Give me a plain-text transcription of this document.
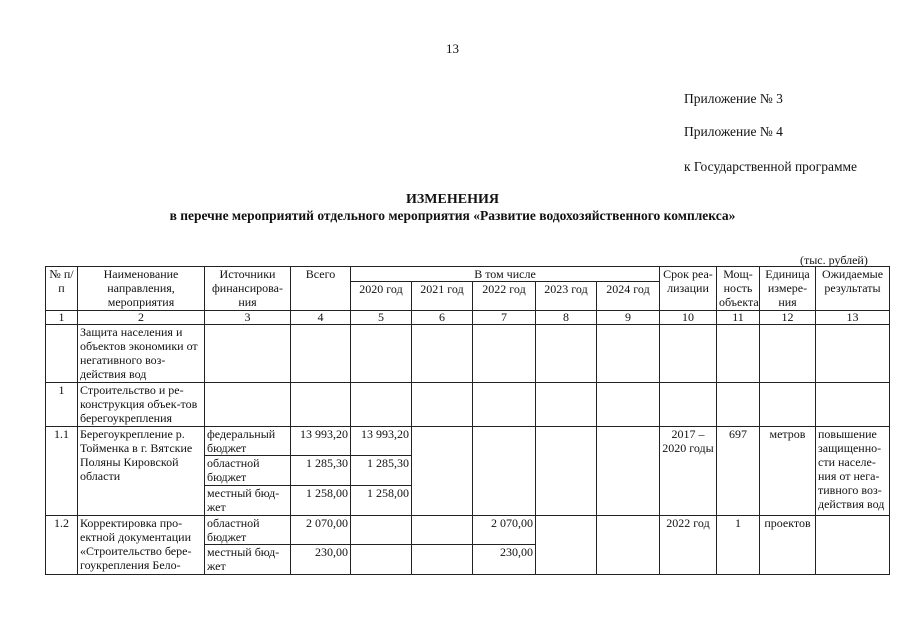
13
Приложение № 3
Приложение № 4
к Государственной программе
ИЗМЕНЕНИЯ
в перечне мероприятий отдельного мероприятия «Развитие водохозяйственного комплекса»
(тыс. рублей)
№ п/п	Наименование направления, мероприятия	Источники финансирова-ния	Всего	В том числе					Срок реа-лизации	Мощ-ность объекта	Единица измере-ния	Ожидаемые результаты
				2020 год	2021 год	2022 год	2023 год	2024 год				
1	2	3	4	5	6	7	8	9	10	11	12	13
	Защита населения и объектов экономики от негативного воз-действия вод											
1	Строительство и ре-конструкция объек-тов берегоукрепления											
1.1	Берегоукрепление р. Тойменка в г. Вятские Поляны Кировской области	федеральный бюджет	13 993,20	13 993,20					2017 – 2020 годы	697	метров	повышение защищенно-сти населе-ния от нега-тивного воз-действия вод
		областной бюджет	1 285,30	1 285,30								
		местный бюд-жет	1 258,00	1 258,00								
1.2	Корректировка про-ектной документации «Строительство бере-гоукрепления Бело-	областной бюджет	2 070,00			2 070,00			2022 год	1	проектов	
		местный бюд-жет	230,00			230,00						
